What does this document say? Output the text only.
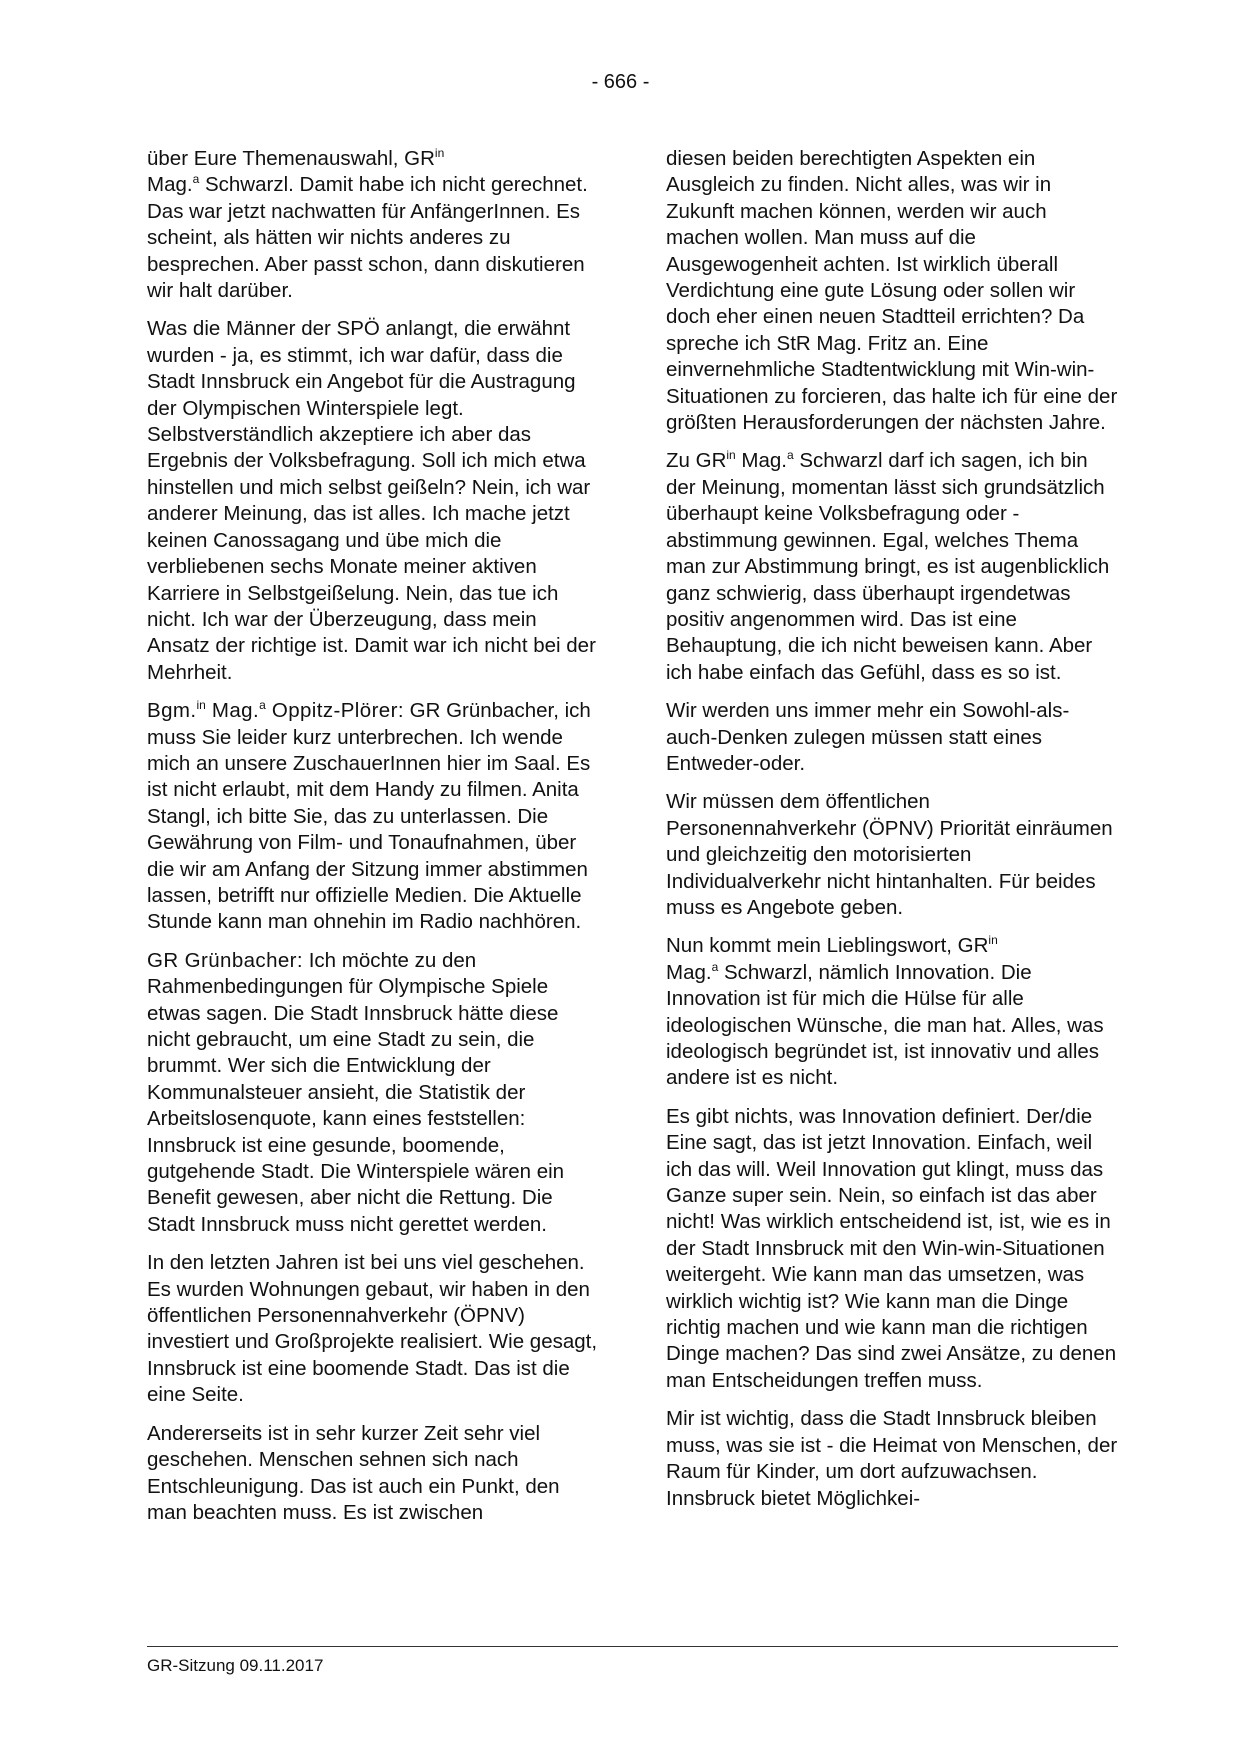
- 666 -

über Eure Themenauswahl, $GR^{in}$
Mag.$^a$ Schwarzl. Damit habe ich nicht gerechnet. Das war jetzt nachwatten für AnfängerInnen. Es scheint, als hätten wir nichts anderes zu besprechen. Aber passt schon, dann diskutieren wir halt darüber.

Was die Männer der SPÖ anlangt, die erwähnt wurden - ja, es stimmt, ich war dafür, dass die Stadt Innsbruck ein Angebot für die Austragung der Olympischen Winterspiele legt. Selbstverständlich akzeptiere ich aber das Ergebnis der Volksbefragung. Soll ich mich etwa hinstellen und mich selbst geißeln? Nein, ich war anderer Meinung, das ist alles. Ich mache jetzt keinen Canossagang und übe mich die verbliebenen sechs Monate meiner aktiven Karriere in Selbstgeißelung. Nein, das tue ich nicht. Ich war der Überzeugung, dass mein Ansatz der richtige ist. Damit war ich nicht bei der Mehrheit.

Bgm.$^{in}$ Mag.$^a$ Oppitz-Plörer: GR Grünbacher, ich muss Sie leider kurz unterbrechen. Ich wende mich an unsere ZuschauerInnen hier im Saal. Es ist nicht erlaubt, mit dem Handy zu filmen. Anita Stangl, ich bitte Sie, das zu unterlassen. Die Gewährung von Film- und Tonaufnahmen, über die wir am Anfang der Sitzung immer abstimmen lassen, betrifft nur offizielle Medien. Die Aktuelle Stunde kann man ohnehin im Radio nachhören.

GR Grünbacher: Ich möchte zu den Rahmenbedingungen für Olympische Spiele etwas sagen. Die Stadt Innsbruck hätte diese nicht gebraucht, um eine Stadt zu sein, die brummt. Wer sich die Entwicklung der Kommunalsteuer ansieht, die Statistik der Arbeitslosenquote, kann eines feststellen: Innsbruck ist eine gesunde, boomende, gutgehende Stadt. Die Winterspiele wären ein Benefit gewesen, aber nicht die Rettung. Die Stadt Innsbruck muss nicht gerettet werden.

In den letzten Jahren ist bei uns viel geschehen. Es wurden Wohnungen gebaut, wir haben in den öffentlichen Personennahverkehr (ÖPNV) investiert und Großprojekte realisiert. Wie gesagt, Innsbruck ist eine boomende Stadt. Das ist die eine Seite.

Andererseits ist in sehr kurzer Zeit sehr viel geschehen. Menschen sehnen sich nach Entschleunigung. Das ist auch ein Punkt, den man beachten muss. Es ist zwischen

diesen beiden berechtigten Aspekten ein Ausgleich zu finden. Nicht alles, was wir in Zukunft machen können, werden wir auch machen wollen. Man muss auf die Ausgewogenheit achten. Ist wirklich überall Verdichtung eine gute Lösung oder sollen wir doch eher einen neuen Stadtteil errichten? Da spreche ich StR Mag. Fritz an. Eine einvernehmliche Stadtentwicklung mit Win-win-Situationen zu forcieren, das halte ich für eine der größten Herausforderungen der nächsten Jahre.

Zu $GR^{in}$ Mag.$^a$ Schwarzl darf ich sagen, ich bin der Meinung, momentan lässt sich grundsätzlich überhaupt keine Volksbefragung oder -abstimmung gewinnen. Egal, welches Thema man zur Abstimmung bringt, es ist augenblicklich ganz schwierig, dass überhaupt irgendetwas positiv angenommen wird. Das ist eine Behauptung, die ich nicht beweisen kann. Aber ich habe einfach das Gefühl, dass es so ist.

Wir werden uns immer mehr ein Sowohl-als-auch-Denken zulegen müssen statt eines Entweder-oder.

Wir müssen dem öffentlichen Personennahverkehr (ÖPNV) Priorität einräumen und gleichzeitig den motorisierten Individualverkehr nicht hintanhalten. Für beides muss es Angebote geben.

Nun kommt mein Lieblingswort, $GR^{in}$
Mag.$^a$ Schwarzl, nämlich Innovation. Die Innovation ist für mich die Hülse für alle ideologischen Wünsche, die man hat. Alles, was ideologisch begründet ist, ist innovativ und alles andere ist es nicht.

Es gibt nichts, was Innovation definiert. Der/die Eine sagt, das ist jetzt Innovation. Einfach, weil ich das will. Weil Innovation gut klingt, muss das Ganze super sein. Nein, so einfach ist das aber nicht! Was wirklich entscheidend ist, ist, wie es in der Stadt Innsbruck mit den Win-win-Situationen weitergeht. Wie kann man das umsetzen, was wirklich wichtig ist? Wie kann man die Dinge richtig machen und wie kann man die richtigen Dinge machen? Das sind zwei Ansätze, zu denen man Entscheidungen treffen muss.

Mir ist wichtig, dass die Stadt Innsbruck bleiben muss, was sie ist - die Heimat von Menschen, der Raum für Kinder, um dort aufzuwachsen. Innsbruck bietet Möglichkei-

GR-Sitzung 09.11.2017
